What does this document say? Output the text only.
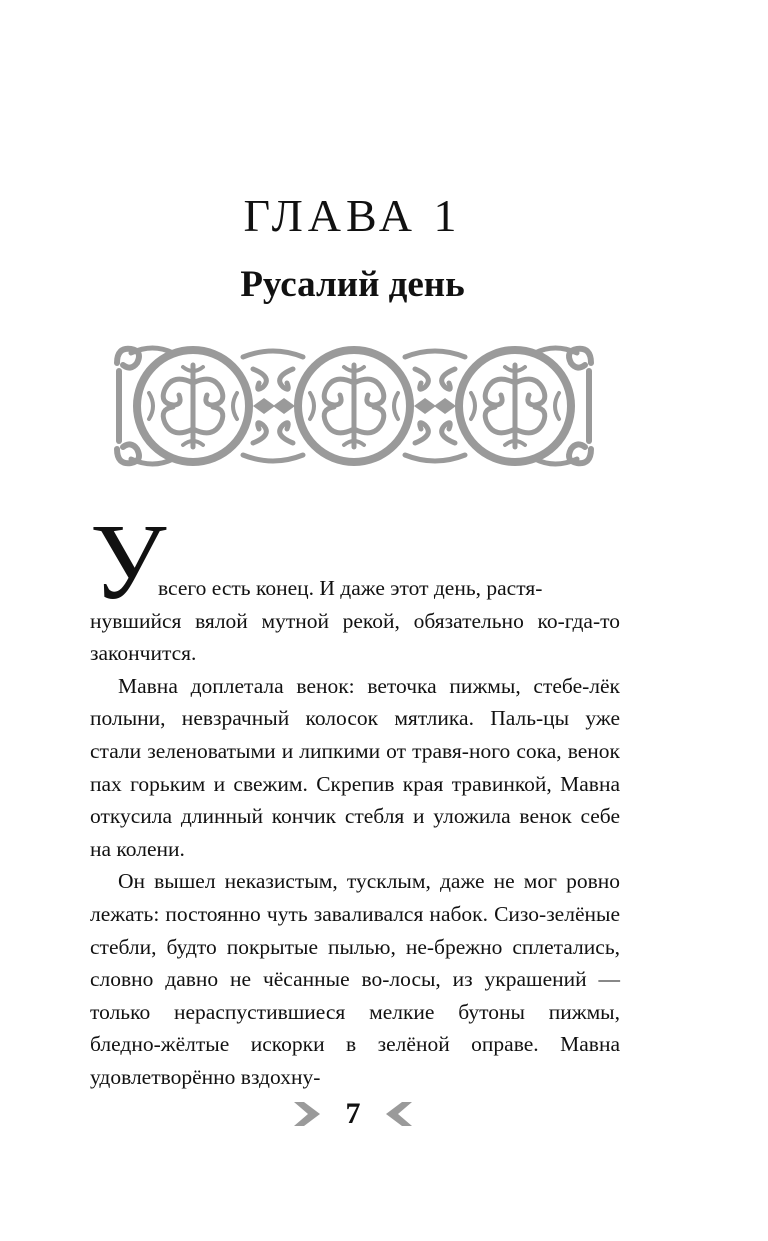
ГЛАВА 1
Русалий день

У
всего есть конец. И даже этот день, растя-
нувшийся вялой мутной рекой, обязательно ко-гда-то закончится.

Мавна доплетала венок: веточка пижмы, стебе-лёк полыни, невзрачный колосок мятлика. Паль-цы уже стали зеленоватыми и липкими от травя-ного сока, венок пах горьким и свежим. Скрепив края травинкой, Мавна откусила длинный кончик стебля и уложила венок себе на колени.

Он вышел неказистым, тусклым, даже не мог ровно лежать: постоянно чуть заваливался набок. Сизо-зелёные стебли, будто покрытые пылью, не-брежно сплетались, словно давно не чёсанные во-лосы, из украшений — только нераспустившиеся мелкие бутоны пижмы, бледно-жёлтые искорки в зелёной оправе. Мавна удовлетворённо вздохну-

7
